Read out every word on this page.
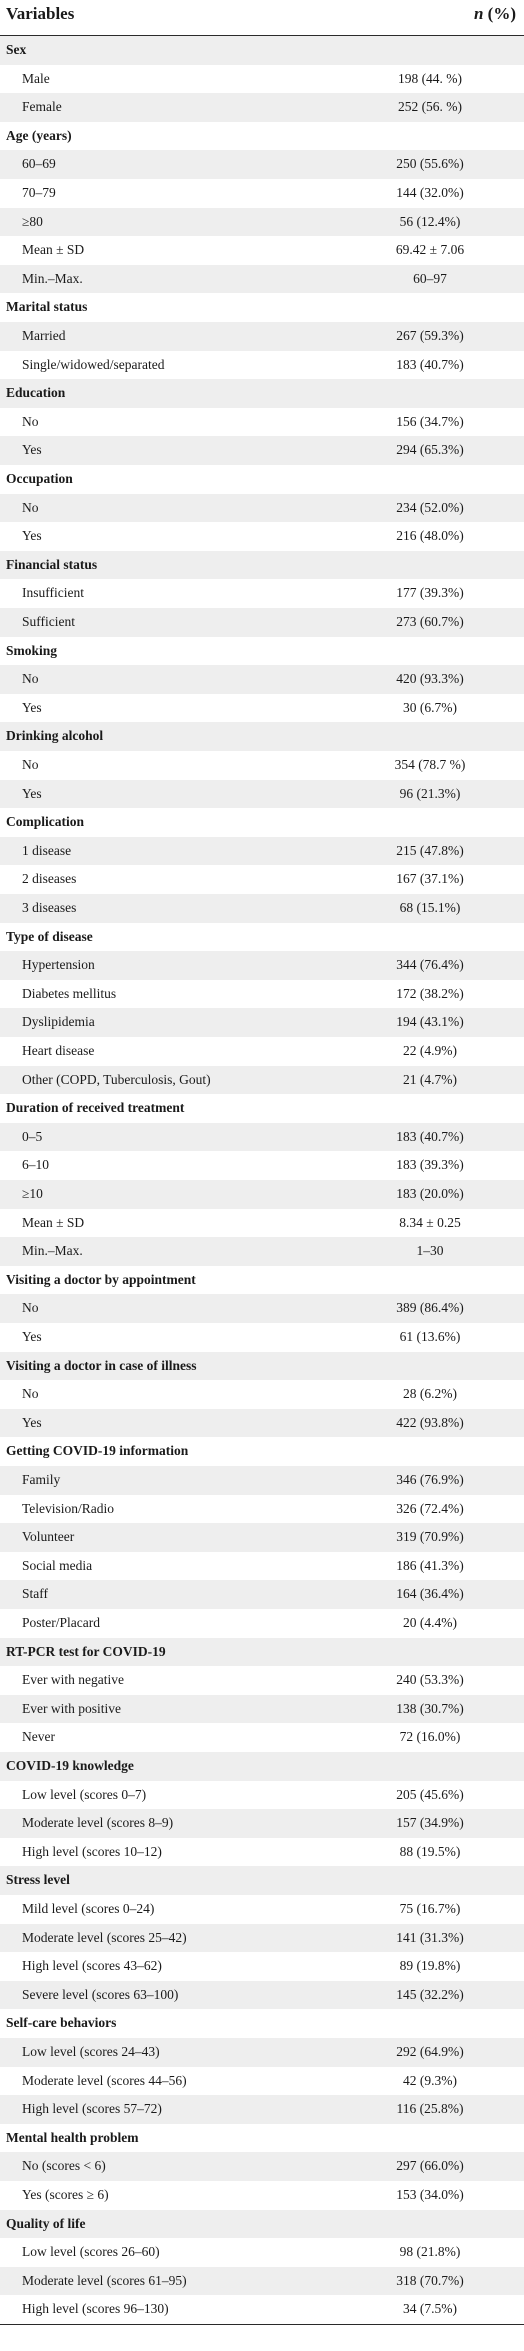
Variables	n (%)
Sex
Male	198 (44. %)
Female	252 (56. %)
Age (years)
60–69	250 (55.6%)
70–79	144 (32.0%)
≥80	56 (12.4%)
Mean ± SD	69.42 ± 7.06
Min.–Max.	60–97
Marital status
Married	267 (59.3%)
Single/widowed/separated	183 (40.7%)
Education
No	156 (34.7%)
Yes	294 (65.3%)
Occupation
No	234 (52.0%)
Yes	216 (48.0%)
Financial status
Insufficient	177 (39.3%)
Sufficient	273 (60.7%)
Smoking
No	420 (93.3%)
Yes	30 (6.7%)
Drinking alcohol
No	354 (78.7 %)
Yes	96 (21.3%)
Complication
1 disease	215 (47.8%)
2 diseases	167 (37.1%)
3 diseases	68 (15.1%)
Type of disease
Hypertension	344 (76.4%)
Diabetes mellitus	172 (38.2%)
Dyslipidemia	194 (43.1%)
Heart disease	22 (4.9%)
Other (COPD, Tuberculosis, Gout)	21 (4.7%)
Duration of received treatment
0–5	183 (40.7%)
6–10	183 (39.3%)
≥10	183 (20.0%)
Mean ± SD	8.34 ± 0.25
Min.–Max.	1–30
Visiting a doctor by appointment
No	389 (86.4%)
Yes	61 (13.6%)
Visiting a doctor in case of illness
No	28 (6.2%)
Yes	422 (93.8%)
Getting COVID-19 information
Family	346 (76.9%)
Television/Radio	326 (72.4%)
Volunteer	319 (70.9%)
Social media	186 (41.3%)
Staff	164 (36.4%)
Poster/Placard	20 (4.4%)
RT-PCR test for COVID-19
Ever with negative	240 (53.3%)
Ever with positive	138 (30.7%)
Never	72 (16.0%)
COVID-19 knowledge
Low level (scores 0–7)	205 (45.6%)
Moderate level (scores 8–9)	157 (34.9%)
High level (scores 10–12)	88 (19.5%)
Stress level
Mild level (scores 0–24)	75 (16.7%)
Moderate level (scores 25–42)	141 (31.3%)
High level (scores 43–62)	89 (19.8%)
Severe level (scores 63–100)	145 (32.2%)
Self-care behaviors
Low level (scores 24–43)	292 (64.9%)
Moderate level (scores 44–56)	42 (9.3%)
High level (scores 57–72)	116 (25.8%)
Mental health problem
No (scores < 6)	297 (66.0%)
Yes (scores ≥ 6)	153 (34.0%)
Quality of life
Low level (scores 26–60)	98 (21.8%)
Moderate level (scores 61–95)	318 (70.7%)
High level (scores 96–130)	34 (7.5%)
